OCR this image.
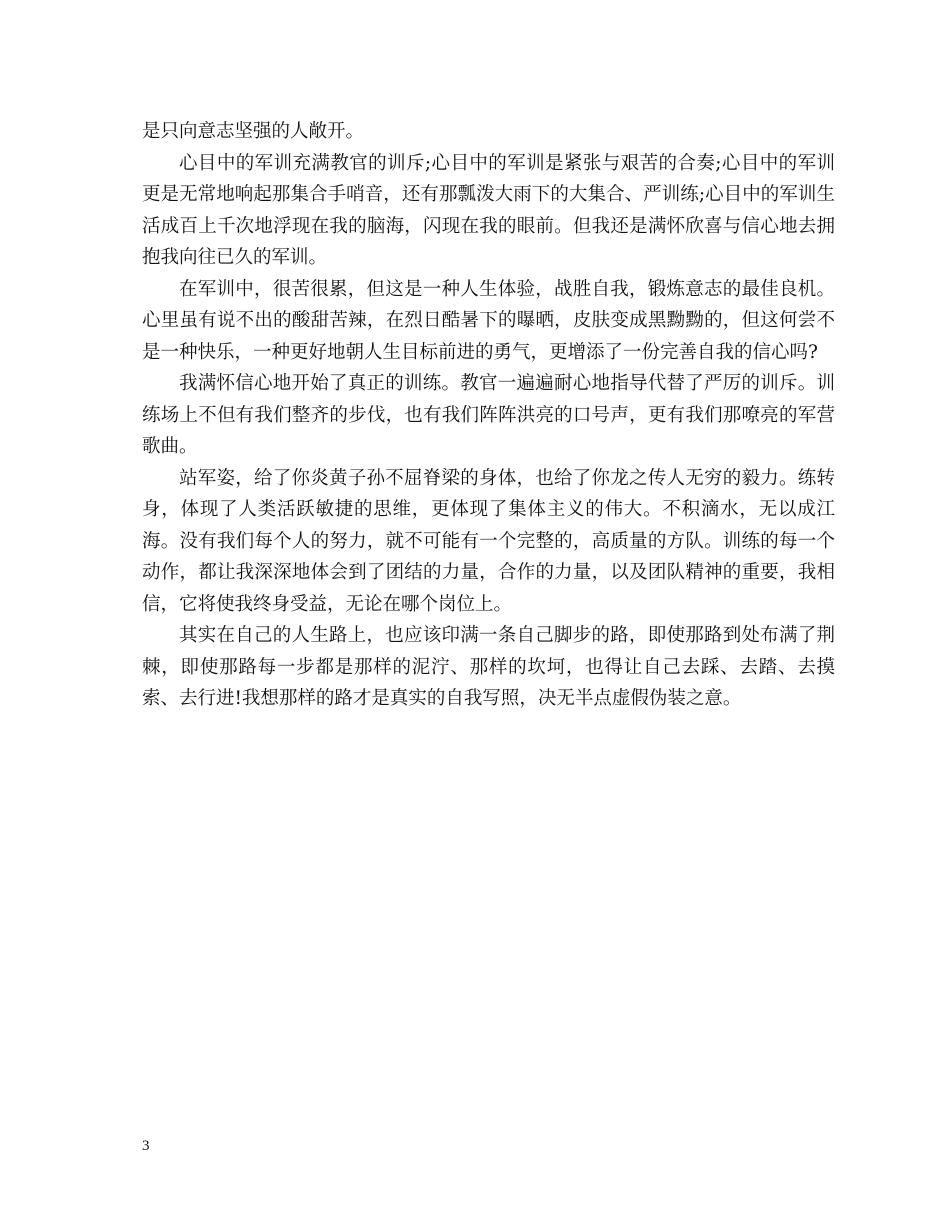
是只向意志坚强的人敞开。

心目中的军训充满教官的训斥;心目中的军训是紧张与艰苦的合奏;心目中的军训更是无常地响起那集合手哨音，还有那瓢泼大雨下的大集合、严训练;心目中的军训生活成百上千次地浮现在我的脑海，闪现在我的眼前。但我还是满怀欣喜与信心地去拥抱我向往已久的军训。

在军训中，很苦很累，但这是一种人生体验，战胜自我，锻炼意志的最佳良机。心里虽有说不出的酸甜苦辣，在烈日酷暑下的曝晒，皮肤变成黑黝黝的，但这何尝不是一种快乐，一种更好地朝人生目标前进的勇气，更增添了一份完善自我的信心吗?

我满怀信心地开始了真正的训练。教官一遍遍耐心地指导代替了严厉的训斥。训练场上不但有我们整齐的步伐，也有我们阵阵洪亮的口号声，更有我们那嘹亮的军营歌曲。

站军姿，给了你炎黄子孙不屈脊梁的身体，也给了你龙之传人无穷的毅力。练转身，体现了人类活跃敏捷的思维，更体现了集体主义的伟大。不积滴水，无以成江海。没有我们每个人的努力，就不可能有一个完整的，高质量的方队。训练的每一个动作，都让我深深地体会到了团结的力量，合作的力量，以及团队精神的重要，我相信，它将使我终身受益，无论在哪个岗位上。

其实在自己的人生路上，也应该印满一条自己脚步的路，即使那路到处布满了荆棘，即使那路每一步都是那样的泥泞、那样的坎坷，也得让自己去踩、去踏、去摸索、去行进!我想那样的路才是真实的自我写照，决无半点虚假伪装之意。

3
